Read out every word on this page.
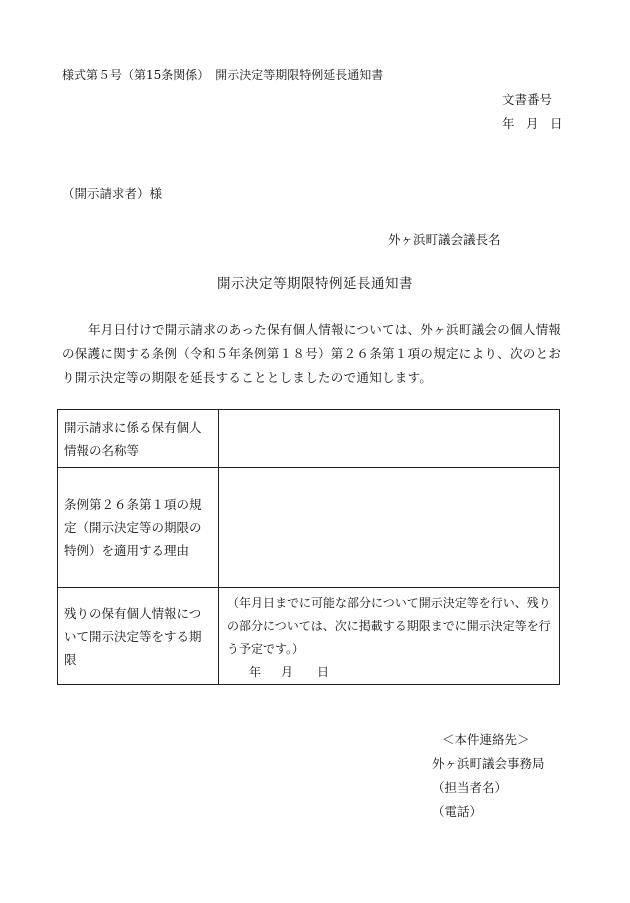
様式第５号（第15条関係）　開示決定等期限特例延長通知書
文書番号
年 月 日
（開示請求者）様
外ヶ浜町議会議長名
開示決定等期限特例延長通知書
年月日付けで開示請求のあった保有個人情報については、外ヶ浜町議会の個人情報の保護に関する条例（令和５年条例第１８号）第２６条第１項の規定により、次のとおり開示決定等の期限を延長することとしましたので通知します。
開示請求に係る保有個人情報の名称等	
条例第２６条第１項の規定（開示決定等の期限の特例）を適用する理由	
残りの保有個人情報について開示決定等をする期限	（年月日までに可能な部分について開示決定等を行い、残りの部分については、次に掲載する期限までに開示決定等を行う予定です。）
年 月 日
＜本件連絡先＞
外ヶ浜町議会事務局
（担当者名）
（電話）
